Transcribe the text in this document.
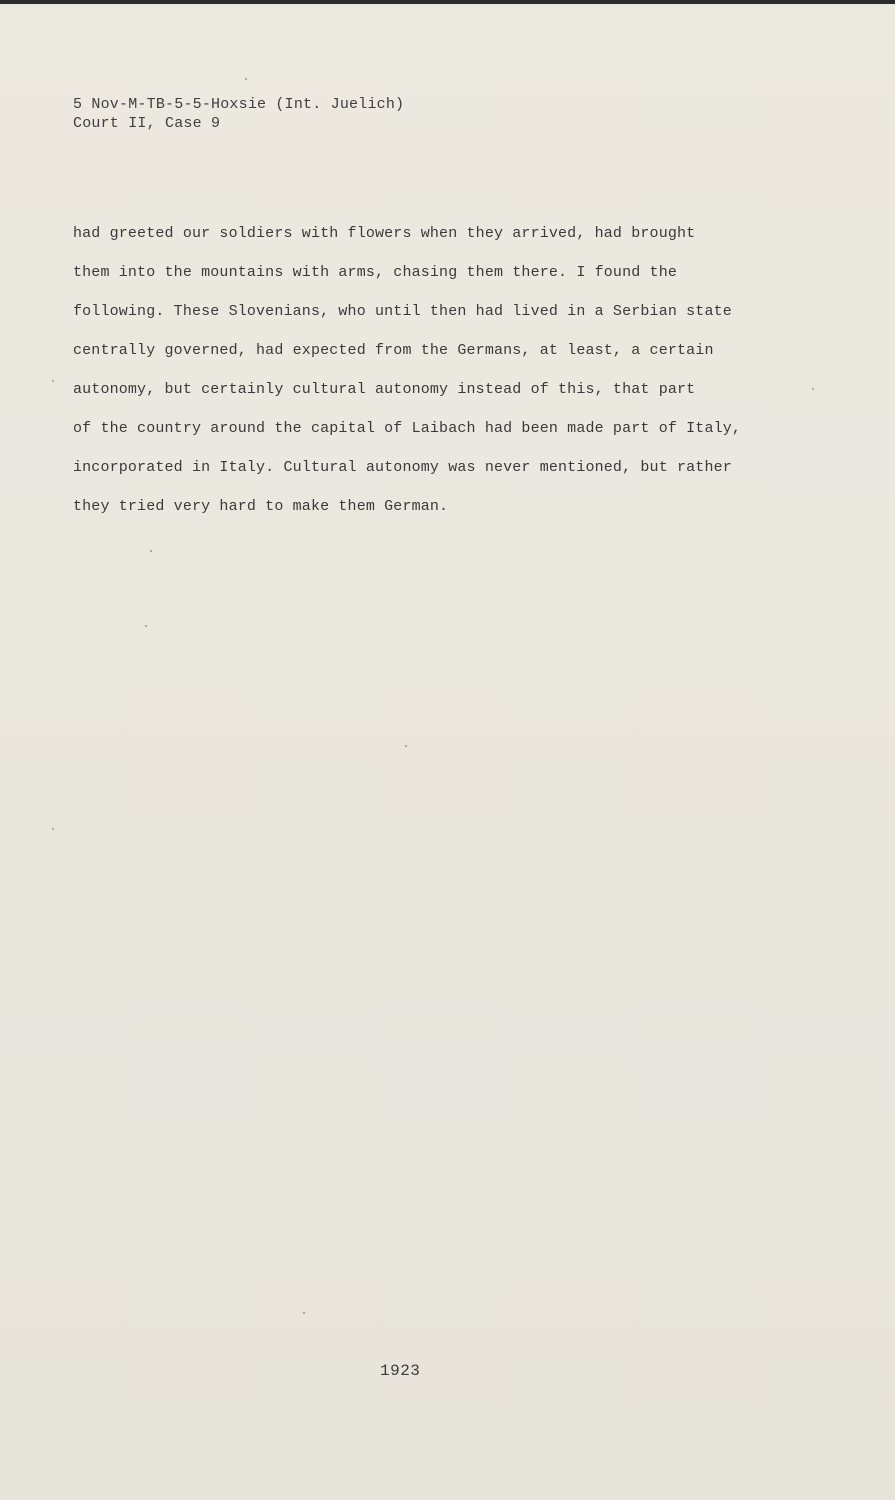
5 Nov-M-TB-5-5-Hoxsie (Int. Juelich)
Court II, Case 9
had greeted our soldiers with flowers when they arrived, had brought
them into the mountains with arms, chasing them there. I found the
following. These Slovenians, who until then had lived in a Serbian state
centrally governed, had expected from the Germans, at least, a certain
autonomy, but certainly cultural autonomy instead of this, that part
of the country around the capital of Laibach had been made part of Italy,
incorporated in Italy. Cultural autonomy was never mentioned, but rather
they tried very hard to make them German.
1923
